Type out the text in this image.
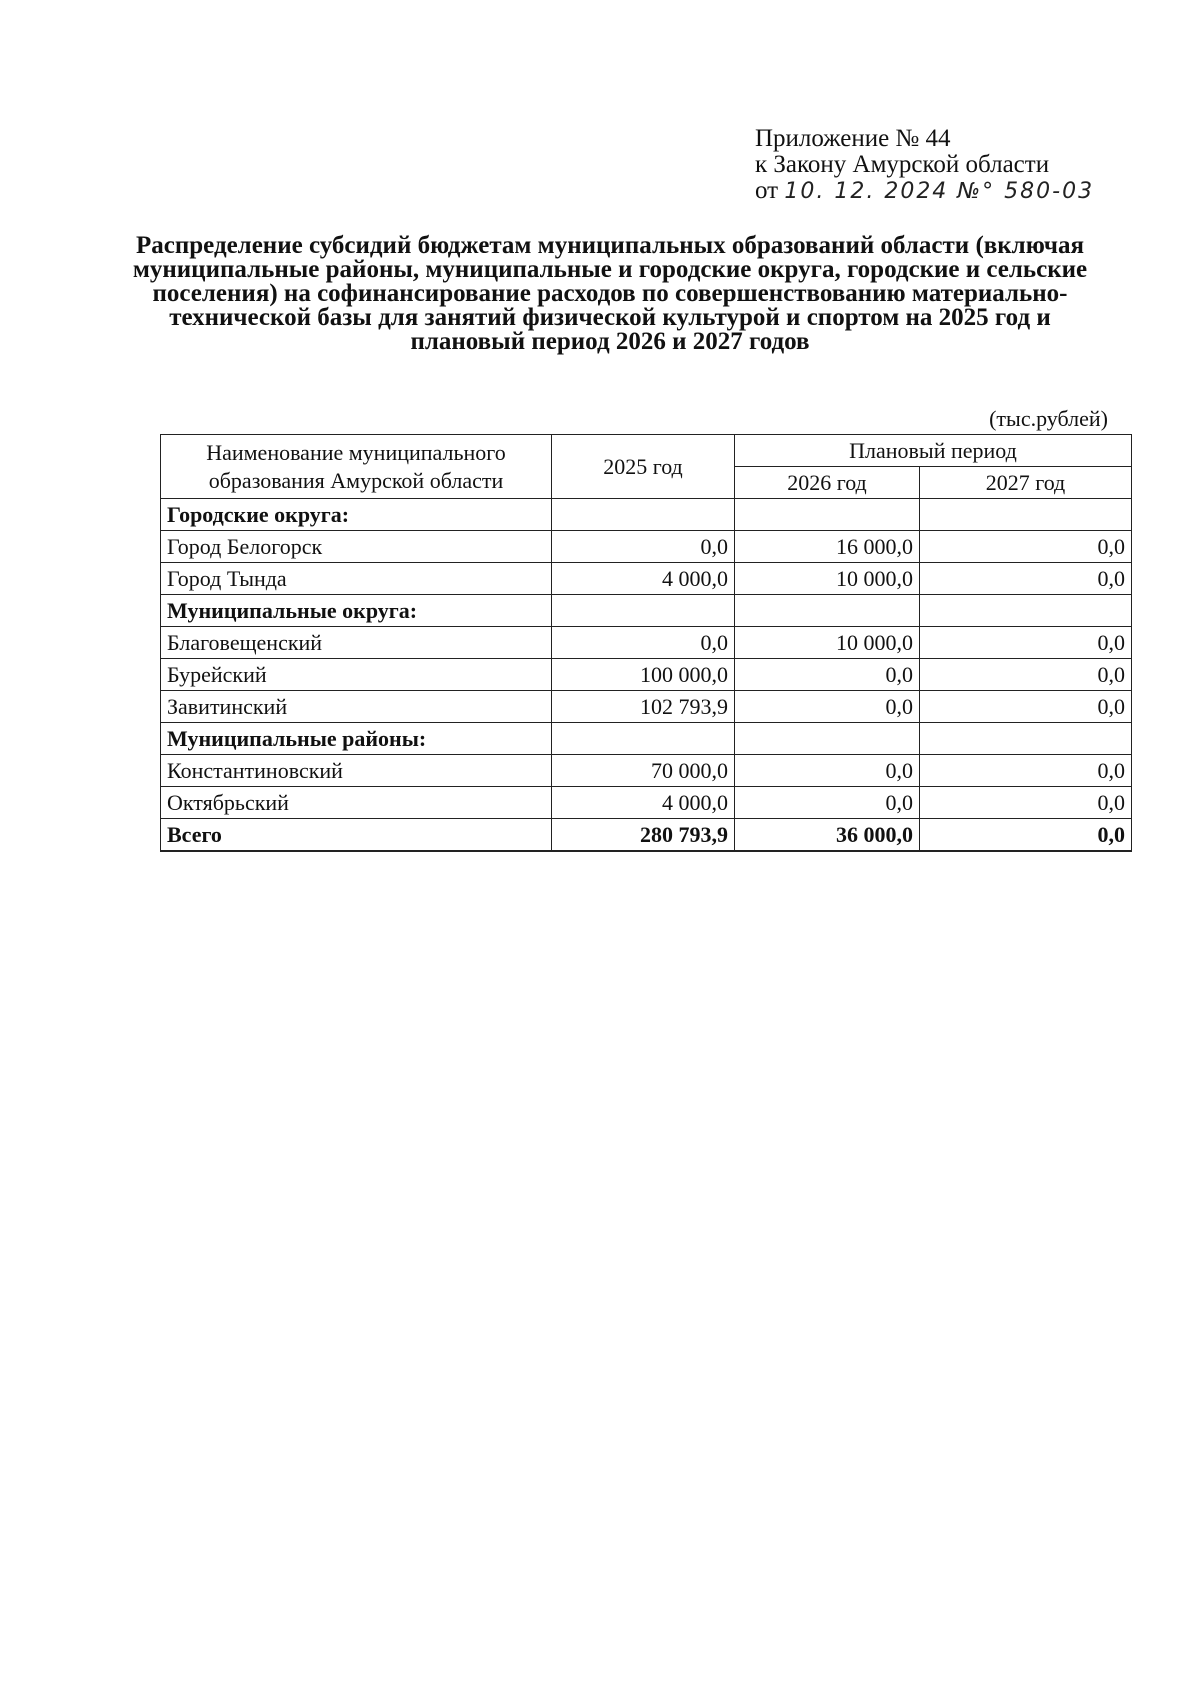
Приложение № 44
к Закону Амурской области
от 10. 12. 2024 №° 580-03
Распределение субсидий бюджетам муниципальных образований области (включая муниципальные районы, муниципальные и городские округа, городские и сельские поселения) на софинансирование расходов по совершенствованию материально-технической базы для занятий физической культурой и спортом на 2025 год и плановый период 2026 и 2027 годов
(тыс.рублей)
Наименование муниципального образования Амурской области	2025 год	Плановый период	
		2026 год	2027 год
Городские округа:			
Город Белогорск	0,0	16 000,0	0,0
Город Тында	4 000,0	10 000,0	0,0
Муниципальные округа:			
Благовещенский	0,0	10 000,0	0,0
Бурейский	100 000,0	0,0	0,0
Завитинский	102 793,9	0,0	0,0
Муниципальные районы:			
Константиновский	70 000,0	0,0	0,0
Октябрьский	4 000,0	0,0	0,0
Всего	280 793,9	36 000,0	0,0
